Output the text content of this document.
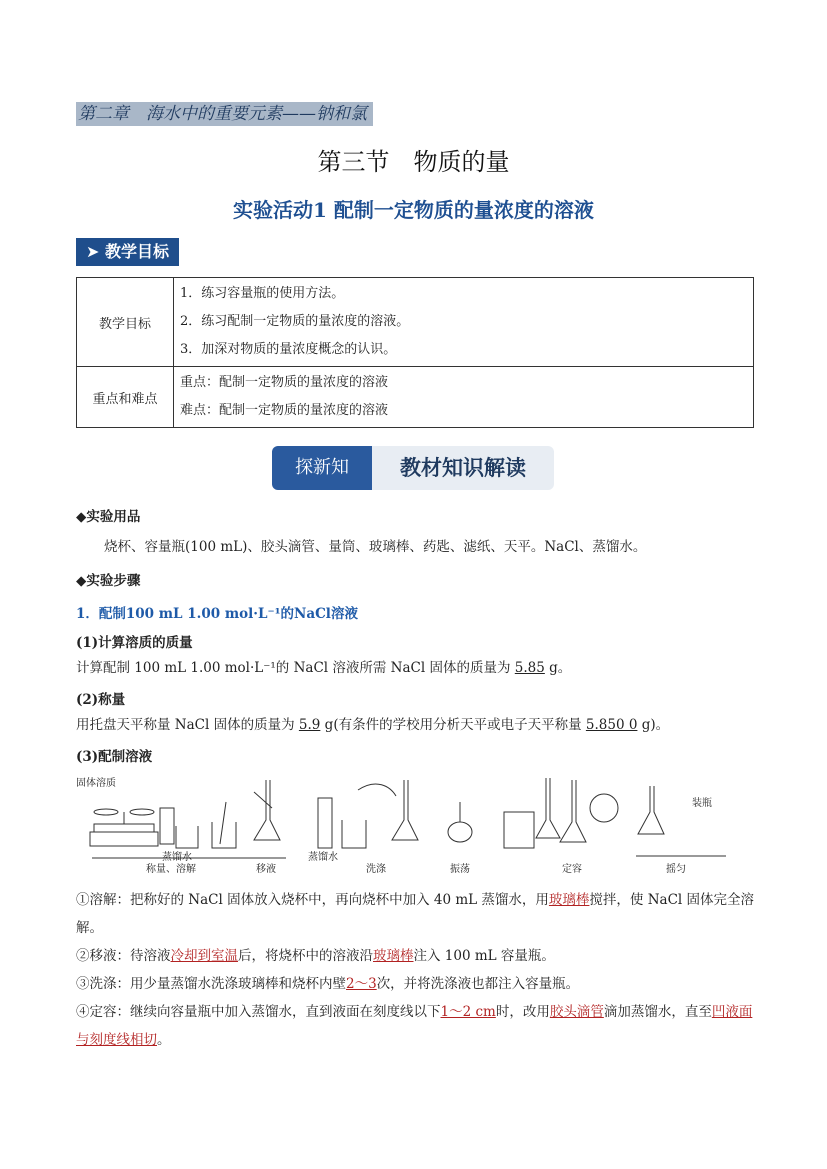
第二章　海水中的重要元素——钠和氯
第三节　物质的量
实验活动1 配制一定物质的量浓度的溶液
➤ 教学目标
教学目标	1．练习容量瓶的使用方法。
2．练习配制一定物质的量浓度的溶液。
3．加深对物质的量浓度概念的认识。

重点和难点	重点：配制一定物质的量浓度的溶液
难点：配制一定物质的量浓度的溶液
探新知	教材知识解读
◆实验用品
烧杯、容量瓶(100 mL)、胶头滴管、量筒、玻璃棒、药匙、滤纸、天平。NaCl、蒸馏水。
◆实验步骤
1．配制100 mL 1.00 mol·L⁻¹的NaCl溶液
(1)计算溶质的质量
计算配制 100 mL 1.00 mol·L⁻¹的 NaCl 溶液所需 NaCl 固体的质量为 5.85 g。
(2)称量
用托盘天平称量 NaCl 固体的质量为 5.9 g(有条件的学校用分析天平或电子天平称量 5.850 0 g)。
(3)配制溶液
固体溶质
蒸馏水
称量、溶解	移液
蒸馏水
洗涤	振荡	定容
装瓶
摇匀
①溶解：把称好的 NaCl 固体放入烧杯中，再向烧杯中加入 40 mL 蒸馏水，用玻璃棒搅拌，使 NaCl 固体完全溶解。
②移液：待溶液冷却到室温后，将烧杯中的溶液沿玻璃棒注入 100 mL 容量瓶。
③洗涤：用少量蒸馏水洗涤玻璃棒和烧杯内壁2～3次，并将洗涤液也都注入容量瓶。
④定容：继续向容量瓶中加入蒸馏水，直到液面在刻度线以下1～2 cm时，改用胶头滴管滴加蒸馏水，直至凹液面与刻度线相切。
